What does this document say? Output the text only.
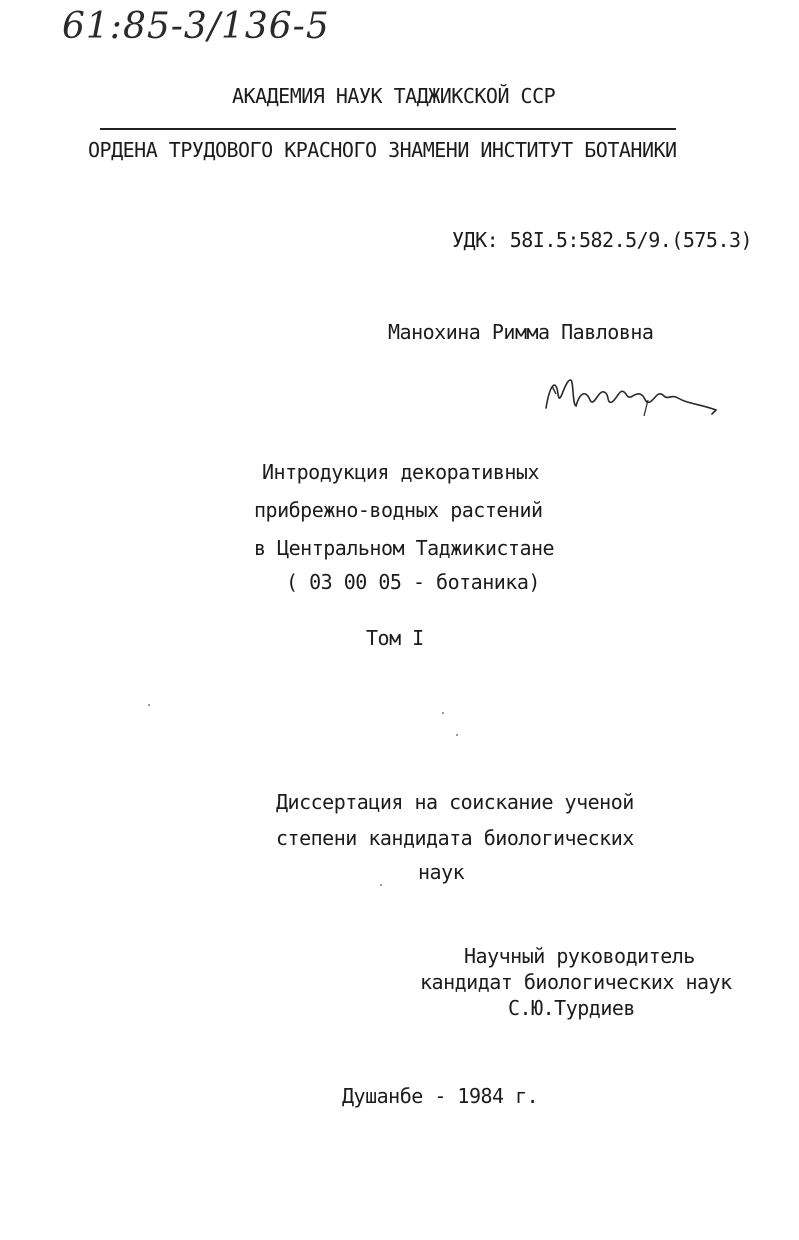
61:85-3/136-5
АКАДЕМИЯ НАУК ТАДЖИКСКОЙ ССР
ОРДЕНА ТРУДОВОГО КРАСНОГО ЗНАМЕНИ ИНСТИТУТ БОТАНИКИ
УДК: 58I.5:582.5/9.(575.3)
Манохина Римма Павловна
Интродукция декоративных
прибрежно-водных растений
в Центральном Таджикистане
( 03 00 05 - ботаника)
Том I
Диссертация на соискание ученой
степени кандидата биологических
наук
Научный руководитель
кандидат биологических наук
С.Ю.Турдиев
Душанбе - 1984 г.
